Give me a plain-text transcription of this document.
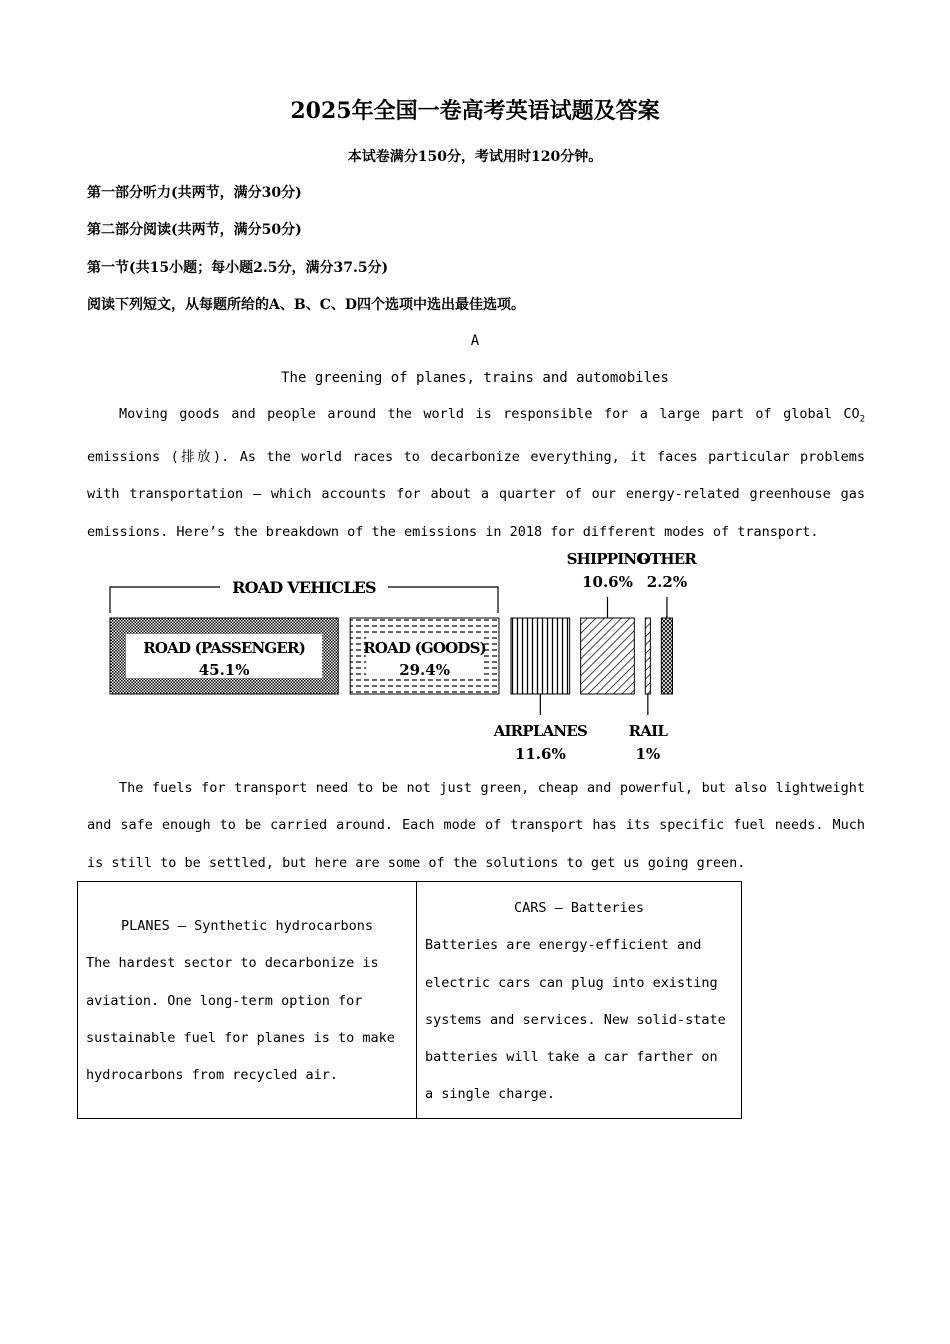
2025年全国一卷高考英语试题及答案
本试卷满分150分，考试用时120分钟。
第一部分听力(共两节，满分30分)
第二部分阅读(共两节，满分50分)
第一节(共15小题；每小题2.5分，满分37.5分)
阅读下列短文，从每题所给的A、B、C、D四个选项中选出最佳选项。
A
The greening of planes, trains and automobiles

Moving goods and people around the world is responsible for a large part of global $CO_2$ emissions (排放). As the world races to decarbonize everything, it faces particular problems with transportation — which accounts for about a quarter of our energy-related greenhouse gas emissions. Here’s the breakdown of the emissions in 2018 for different modes of transport.

ROAD VEHICLES
ROAD (PASSENGER)	ROAD (GOODS)
AIRPLANES
SHIPPING
RAIL
OTHER
45.1%	29.4%
11.6%
10.6%
1%
2.2%

The fuels for transport need to be not just green, cheap and powerful, but also lightweight and safe enough to be carried around. Each mode of transport has its specific fuel needs. Much is still to be settled, but here are some of the solutions to get us going green.

PLANES — Synthetic hydrocarbons
The hardest sector to decarbonize is aviation. One long-term option for sustainable fuel for planes is to make hydrocarbons from recycled air.
CARS — Batteries
Batteries are energy-efficient and electric cars can plug into existing systems and services. New solid-state batteries will take a car farther on a single charge.
